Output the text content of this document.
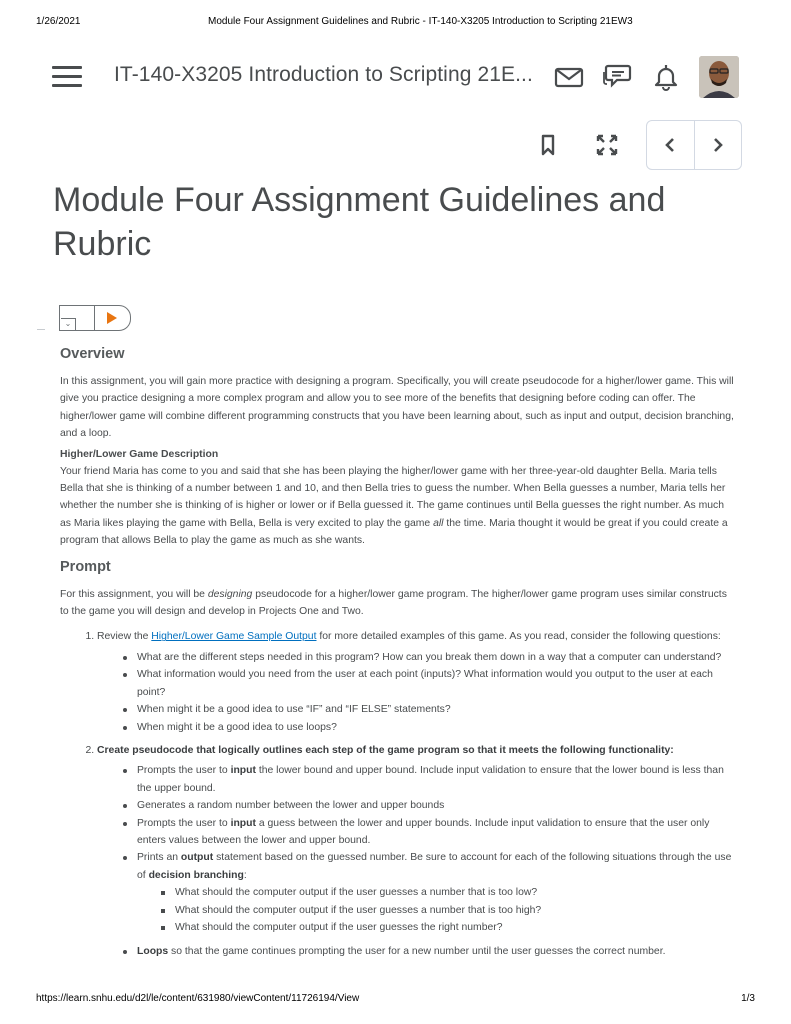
1/26/2021	Module Four Assignment Guidelines and Rubric - IT-140-X3205 Introduction to Scripting 21EW3
IT-140-X3205 Introduction to Scripting 21E...
Module Four Assignment Guidelines and Rubric
⌄
Overview

In this assignment, you will gain more practice with designing a program. Specifically, you will create pseudocode for a higher/lower game. This will give you practice designing a more complex program and allow you to see more of the benefits that designing before coding can offer. The higher/lower game will combine different programming constructs that you have been learning about, such as input and output, decision branching, and a loop.

Higher/Lower Game Description

Your friend Maria has come to you and said that she has been playing the higher/lower game with her three-year-old daughter Bella. Maria tells Bella that she is thinking of a number between 1 and 10, and then Bella tries to guess the number. When Bella guesses a number, Maria tells her whether the number she is thinking of is higher or lower or if Bella guessed it. The game continues until Bella guesses the right number. As much as Maria likes playing the game with Bella, Bella is very excited to play the game all the time. Maria thought it would be great if you could create a program that allows Bella to play the game as much as she wants.

Prompt

For this assignment, you will be designing pseudocode for a higher/lower game program. The higher/lower game program uses similar constructs to the game you will design and develop in Projects One and Two.

1. Review the Higher/Lower Game Sample Output for more detailed examples of this game. As you read, consider the following questions:
What are the different steps needed in this program? How can you break them down in a way that a computer can understand?
What information would you need from the user at each point (inputs)? What information would you output to the user at each point?
When might it be a good idea to use “IF” and “IF ELSE” statements?
When might it be a good idea to use loops?
2. Create pseudocode that logically outlines each step of the game program so that it meets the following functionality:
Prompts the user to input the lower bound and upper bound. Include input validation to ensure that the lower bound is less than the upper bound.
Generates a random number between the lower and upper bounds
Prompts the user to input a guess between the lower and upper bounds. Include input validation to ensure that the user only enters values between the lower and upper bound.
Prints an output statement based on the guessed number. Be sure to account for each of the following situations through the use of decision branching:
What should the computer output if the user guesses a number that is too low?
What should the computer output if the user guesses a number that is too high?
What should the computer output if the user guesses the right number?
Loops so that the game continues prompting the user for a new number until the user guesses the correct number.
https://learn.snhu.edu/d2l/le/content/631980/viewContent/11726194/View	1/3
